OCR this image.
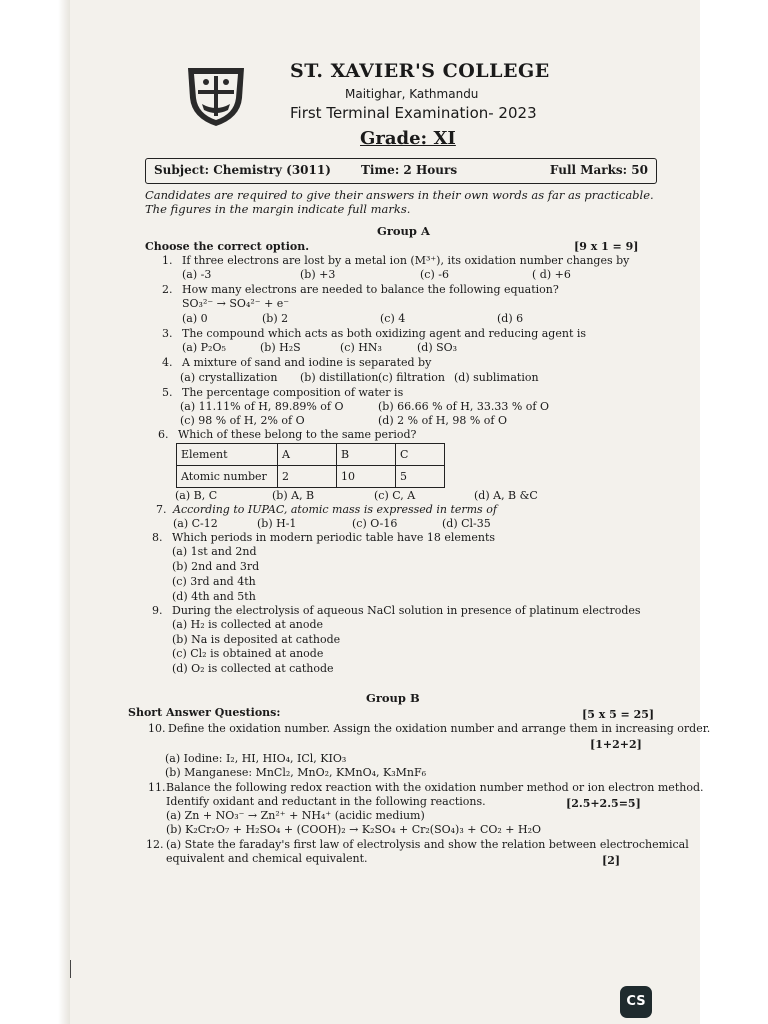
ST. XAVIER'S COLLEGE
Maitighar, Kathmandu
First Terminal Examination- 2023
Grade: XI
Subject: Chemistry (3011)	Time: 2 Hours	Full Marks: 50
Candidates are required to give their answers in their own words as far as practicable. The figures in the margin indicate full marks.
Group A
Choose the correct option.	[9 x 1 = 9]
1. If three electrons are lost by a metal ion (M³⁺), its oxidation number changes by
(a) -3	(b) +3	(c) -6	( d) +6
2. How many electrons are needed to balance the following equation?
SO₃²⁻ → SO₄²⁻ + e⁻
(a) 0	(b) 2	(c) 4	(d) 6
3. The compound which acts as both oxidizing agent and reducing agent is
(a) P₂O₅	(b) H₂S	(c) HN₃	(d) SO₃
4. A mixture of sand and iodine is separated by
(a) crystallization (b) distillation (c) filtration (d) sublimation
5. The percentage composition of water is
(a) 11.11% of H, 89.89% of O	(b) 66.66 % of H, 33.33 % of O
(c) 98 % of H, 2% of O	(d) 2 % of H, 98 % of O
6. Which of these belong to the same period?
Element	A	B	C
Atomic number	2	10	5
(a) B, C	(b) A, B	(c) C, A	(d) A, B &C
7. According to IUPAC, atomic mass is expressed in terms of
(a) C-12	(b) H-1	(c) O-16	(d) Cl-35
8. Which periods in modern periodic table have 18 elements
(a) 1st and 2nd
(b) 2nd and 3rd
(c) 3rd and 4th
(d) 4th and 5th
9. During the electrolysis of aqueous NaCl solution in presence of platinum electrodes
(a) H₂ is collected at anode
(b) Na is deposited at cathode
(c) Cl₂ is obtained at anode
(d) O₂ is collected at cathode
Group B
Short Answer Questions:	[5 x 5 = 25]
10. Define the oxidation number. Assign the oxidation number and arrange them in increasing order.
[1+2+2]
(a) Iodine: I₂, HI, HIO₄, ICl, KIO₃
(b) Manganese: MnCl₂, MnO₂, KMnO₄, K₃MnF₆
11. Balance the following redox reaction with the oxidation number method or ion electron method.
Identify oxidant and reductant in the following reactions.	[2.5+2.5=5]
(a) Zn + NO₃⁻ → Zn²⁺ + NH₄⁺ (acidic medium)
(b) K₂Cr₂O₇ + H₂SO₄ + (COOH)₂ → K₂SO₄ + Cr₂(SO₄)₃ + CO₂ + H₂O
12. (a) State the faraday's first law of electrolysis and show the relation between electrochemical
equivalent and chemical equivalent.	[2]
CS
